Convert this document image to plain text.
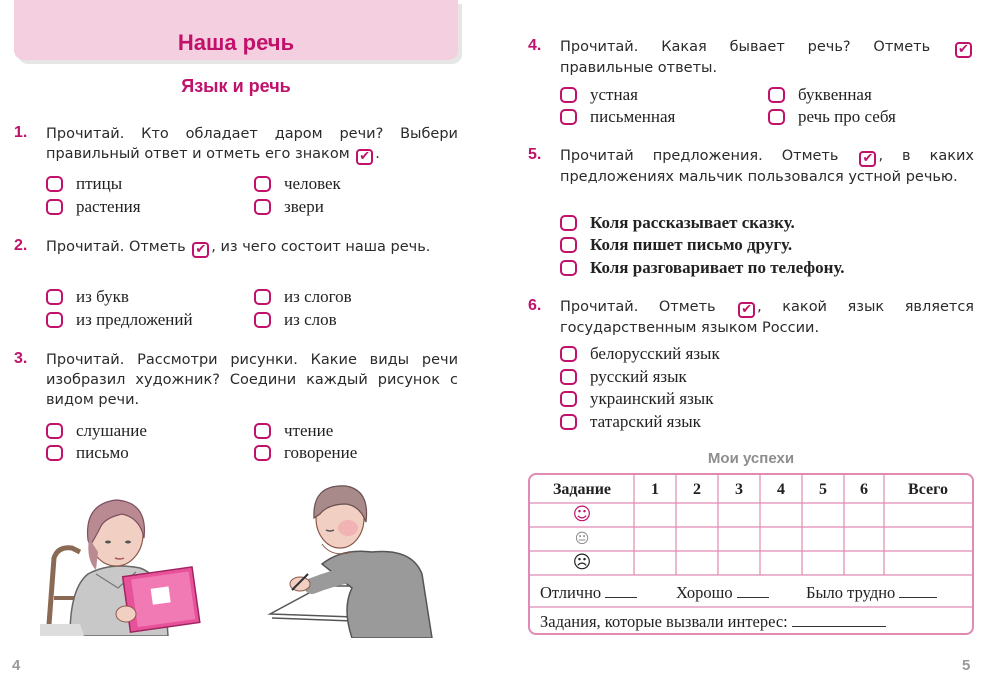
Наша речь
Язык и речь
1. Прочитай. Кто обладает даром речи? Выбери правильный ответ и отметь его знаком ✔ .
птицы	человек
растения	звери
2. Прочитай. Отметь ✔ , из чего состоит наша речь.
из букв	из слогов
из предложений	из слов
3. Прочитай. Рассмотри рисунки. Какие виды речи изобразил художник? Соедини каждый рисунок с видом речи.
слушание	чтение
письмо	говорение
4. Прочитай. Какая бывает речь? Отметь ✔ правильные ответы.
устная	буквенная
письменная	речь про себя
5. Прочитай предложения. Отметь ✔ , в каких предложениях мальчик пользовался устной речью.
Коля рассказывает сказку.
Коля пишет письмо другу.
Коля разговаривает по телефону.
6. Прочитай. Отметь ✔ , какой язык является государственным языком России.
белорусский язык
русский язык
украинский язык
татарский язык
Мои успехи
Задание	1	2	3	4	5	6	Всего
☺
😐
☹
Отлично	Хорошо	Было трудно
Задания, которые вызвали интерес:
4	5
